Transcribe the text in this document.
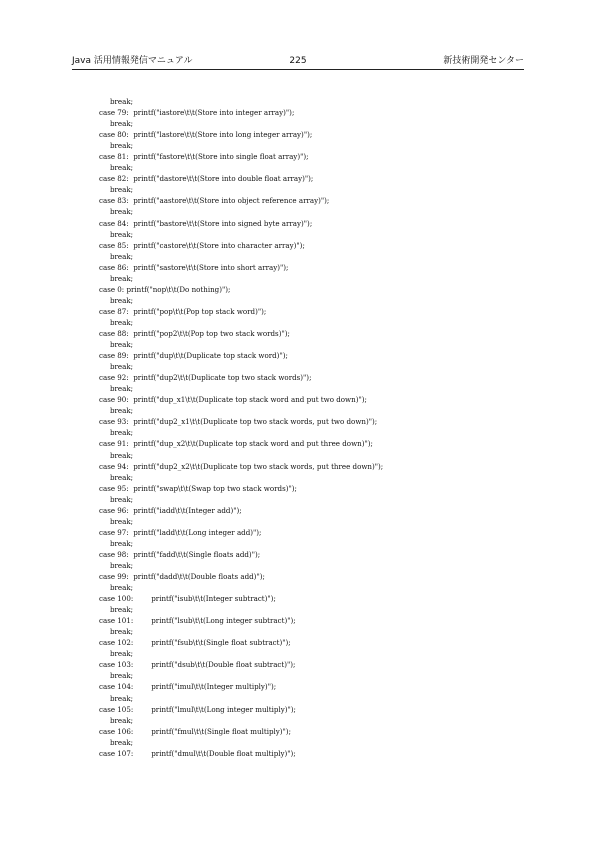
Java 活用情報発信マニュアル	225	新技術開発センター
break;
case 79:  printf("iastore\t\t(Store into integer array)");
break;
case 80:  printf("lastore\t\t(Store into long integer array)");
break;
case 81:  printf("fastore\t\t(Store into single float array)");
break;
case 82:  printf("dastore\t\t(Store into double float array)");
break;
case 83:  printf("aastore\t\t(Store into object reference array)");
break;
case 84:  printf("bastore\t\t(Store into signed byte array)");
break;
case 85:  printf("castore\t\t(Store into character array)");
break;
case 86:  printf("sastore\t\t(Store into short array)");
break;
case 0: printf("nop\t\t(Do nothing)");
break;
case 87:  printf("pop\t\t(Pop top stack word)");
break;
case 88:  printf("pop2\t\t(Pop top two stack words)");
break;
case 89:  printf("dup\t\t(Duplicate top stack word)");
break;
case 92:  printf("dup2\t\t(Duplicate top two stack words)");
break;
case 90:  printf("dup_x1\t\t(Duplicate top stack word and put two down)");
break;
case 93:  printf("dup2_x1\t\t(Duplicate top two stack words, put two down)");
break;
case 91:  printf("dup_x2\t\t(Duplicate top stack word and put three down)");
break;
case 94:  printf("dup2_x2\t\t(Duplicate top two stack words, put three down)");
break;
case 95:  printf("swap\t\t(Swap top two stack words)");
break;
case 96:  printf("iadd\t\t(Integer add)");
break;
case 97:  printf("ladd\t\t(Long integer add)");
break;
case 98:  printf("fadd\t\t(Single floats add)");
break;
case 99:  printf("dadd\t\t(Double floats add)");
break;
case 100:        printf("isub\t\t(Integer subtract)");
break;
case 101:        printf("lsub\t\t(Long integer subtract)");
break;
case 102:        printf("fsub\t\t(Single float subtract)");
break;
case 103:        printf("dsub\t\t(Double float subtract)");
break;
case 104:        printf("imul\t\t(Integer multiply)");
break;
case 105:        printf("lmul\t\t(Long integer multiply)");
break;
case 106:        printf("fmul\t\t(Single float multiply)");
break;
case 107:        printf("dmul\t\t(Double float multiply)");
